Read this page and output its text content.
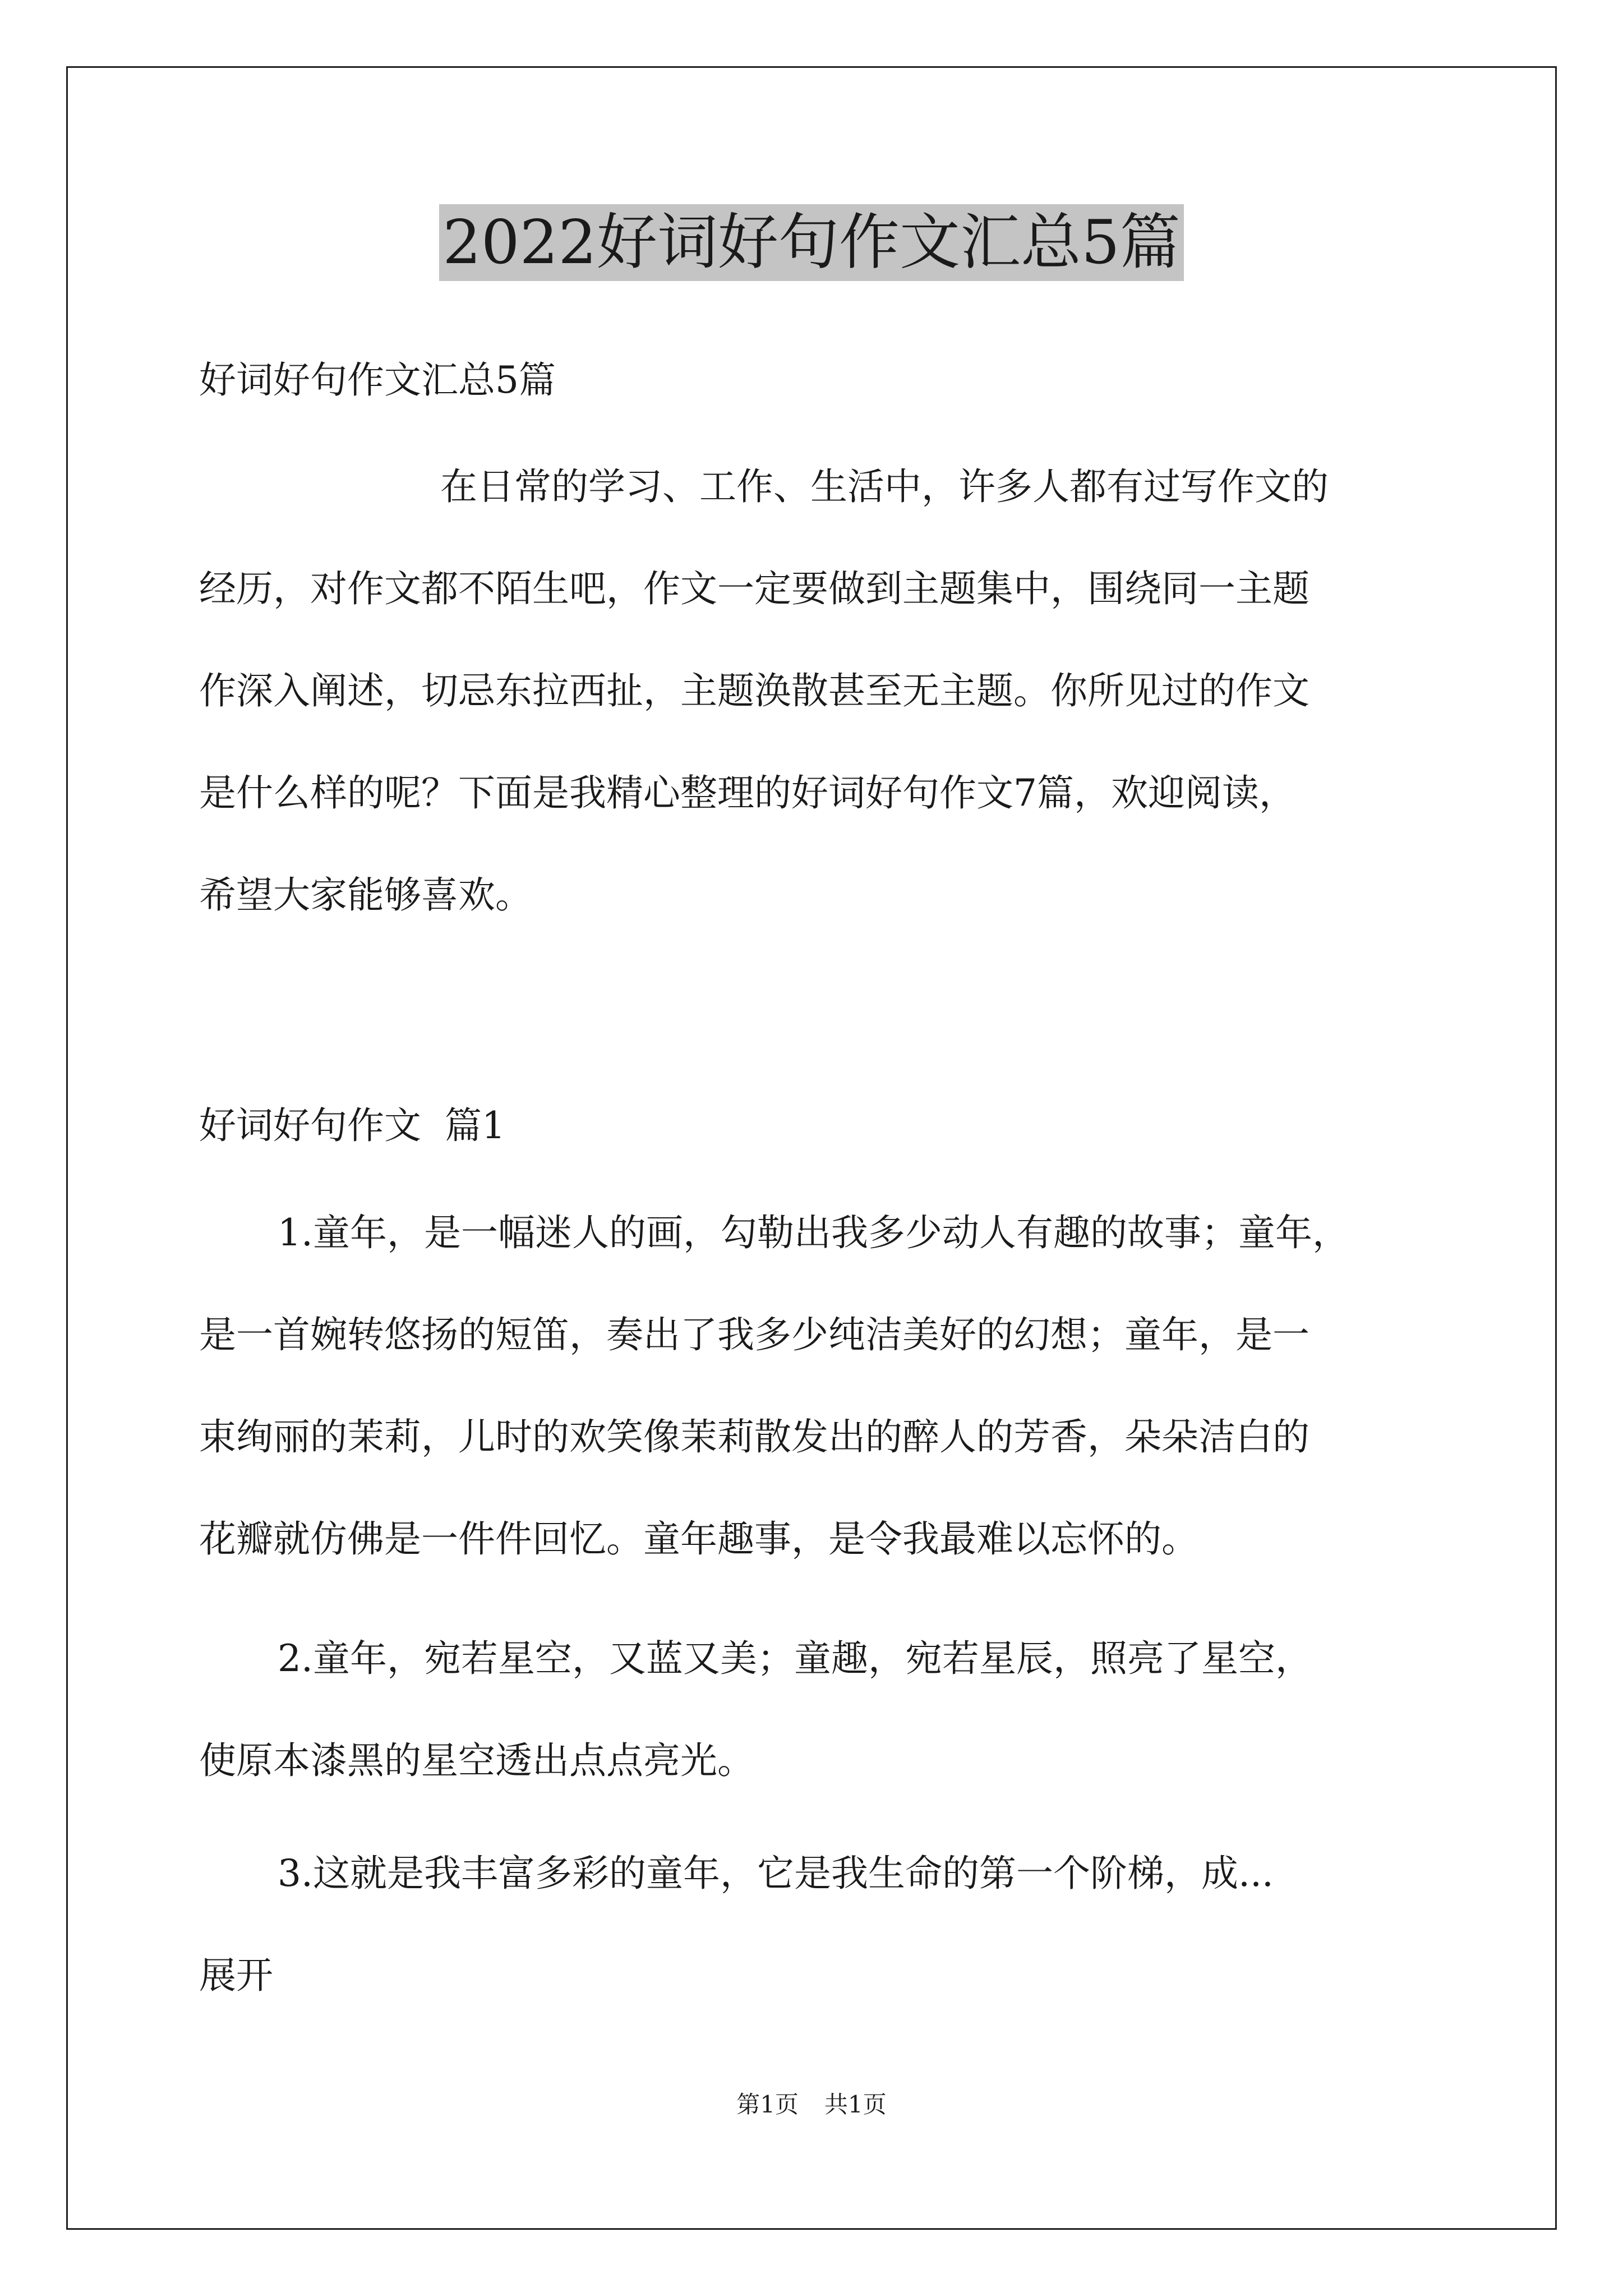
2022好词好句作文汇总5篇

好词好句作文汇总5篇

在日常的学习、工作、生活中，许多人都有过写作文的

经历，对作文都不陌生吧，作文一定要做到主题集中，围绕同一主题

作深入阐述，切忌东拉西扯，主题涣散甚至无主题。你所见过的作文

是什么样的呢？下面是我精心整理的好词好句作文7篇，欢迎阅读，

希望大家能够喜欢。

好词好句作文  篇1

1.童年，是一幅迷人的画，勾勒出我多少动人有趣的故事；童年，

是一首婉转悠扬的短笛，奏出了我多少纯洁美好的幻想；童年，是一

束绚丽的茉莉，儿时的欢笑像茉莉散发出的醉人的芳香，朵朵洁白的

花瓣就仿佛是一件件回忆。童年趣事，是令我最难以忘怀的。

2.童年，宛若星空，又蓝又美；童趣，宛若星辰，照亮了星空，

使原本漆黑的星空透出点点亮光。

3.这就是我丰富多彩的童年，它是我生命的第一个阶梯，成...

展开

第1页 共1页
